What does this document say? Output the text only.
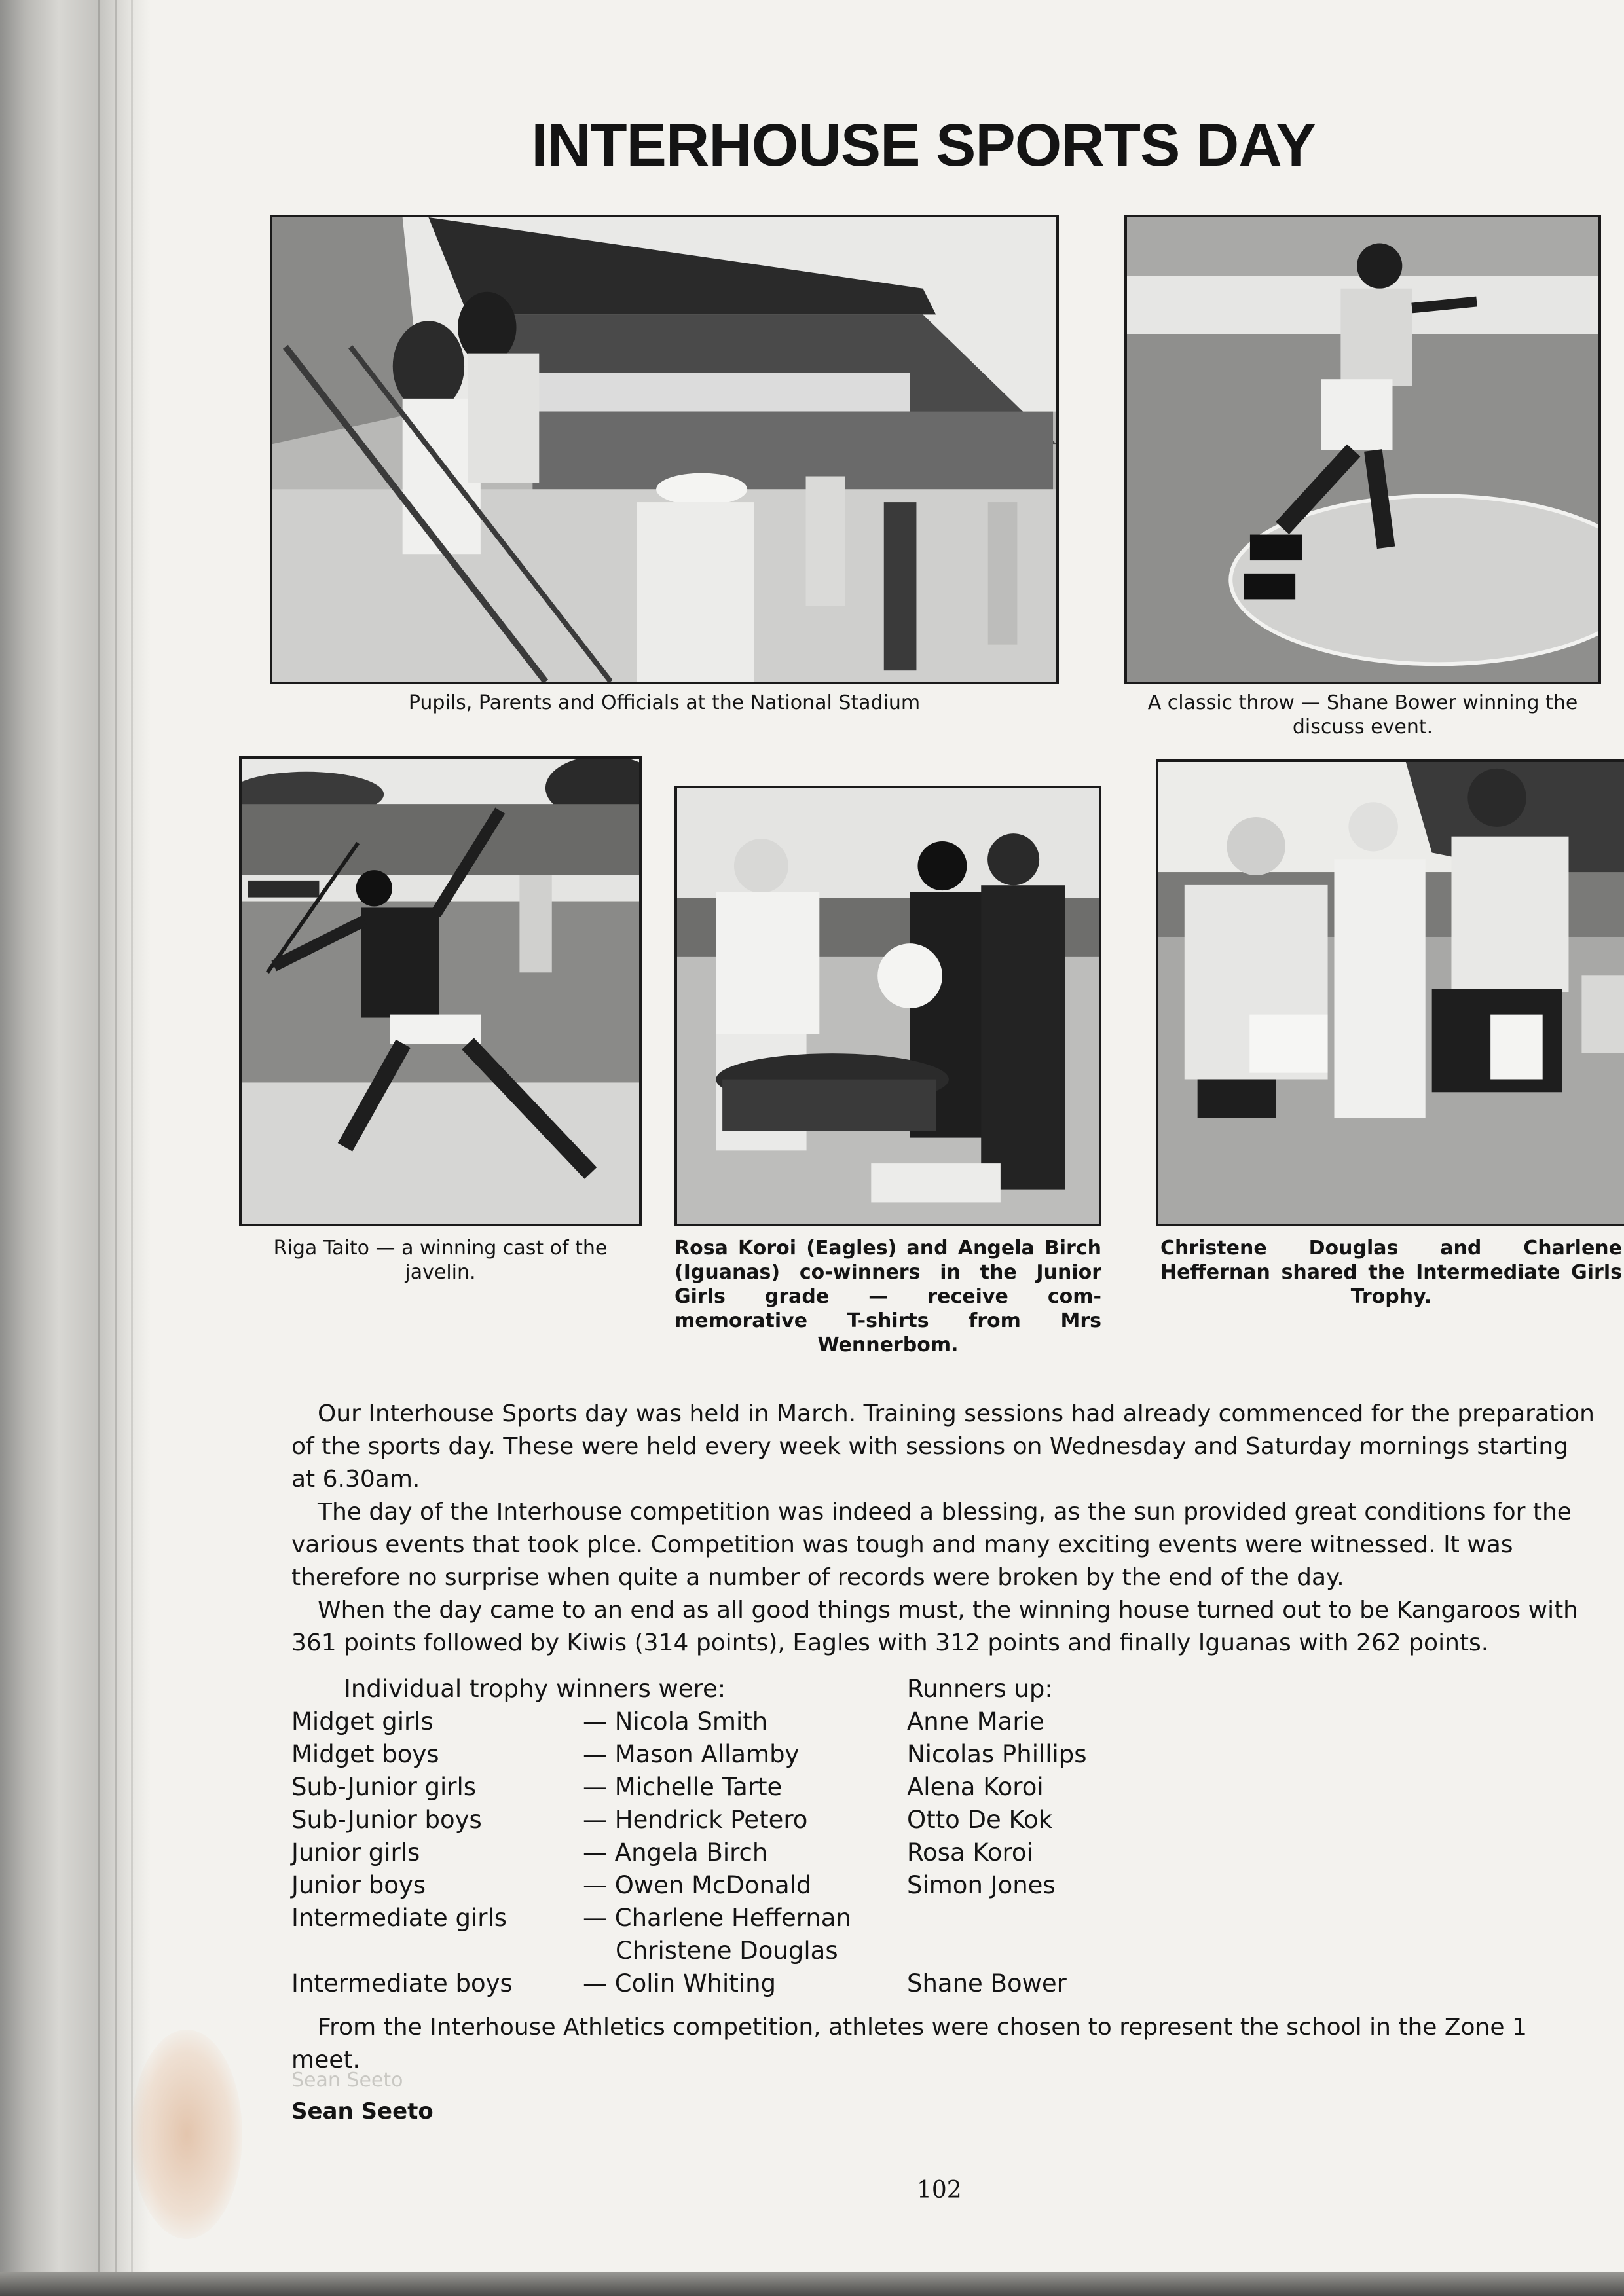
INTERHOUSE SPORTS DAY
Pupils, Parents and Officials at the National Stadium	A classic throw — Shane Bower winning the discuss event.
Riga Taito — a winning cast of the javelin.
Rosa Koroi (Eagles) and Angela Birch (Iguanas) co-winners in the Junior Girls grade — receive com-memorative T-shirts from Mrs Wennerbom.
Christene Douglas and Charlene Heffernan shared the Intermediate Girls Trophy.

Our Interhouse Sports day was held in March. Training sessions had already commenced for the preparation of the sports day. These were held every week with sessions on Wednesday and Saturday mornings starting at 6.30am.

The day of the Interhouse competition was indeed a blessing, as the sun provided great conditions for the various events that took plce. Competition was tough and many exciting events were witnessed. It was therefore no surprise when quite a number of records were broken by the end of the day.

When the day came to an end as all good things must, the winning house turned out to be Kangaroos with 361 points followed by Kiwis (314 points), Eagles with 312 points and finally Iguanas with 262 points.

Individual trophy winners were:	Runners up:
Midget girls	— Nicola Smith	Anne Marie
Midget boys	— Mason Allamby	Nicolas Phillips
Sub-Junior girls	— Michelle Tarte	Alena Koroi
Sub-Junior boys	— Hendrick Petero	Otto De Kok
Junior girls	— Angela Birch	Rosa Koroi
Junior boys	— Owen McDonald	Simon Jones
Intermediate girls	— Charlene Heffernan
Christene Douglas
Intermediate boys	— Colin Whiting	Shane Bower

From the Interhouse Athletics competition, athletes were chosen to represent the school in the Zone 1 meet.

Sean Seeto
Sean Seeto
102
